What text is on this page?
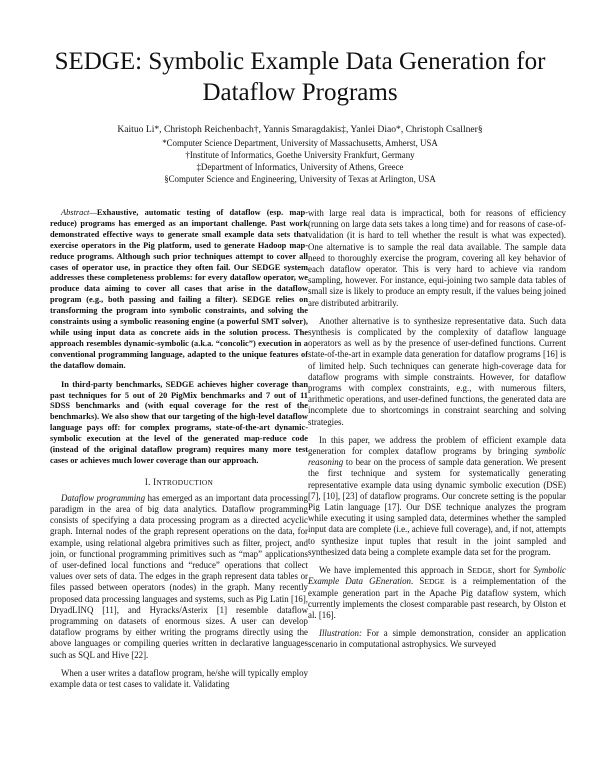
SEDGE: Symbolic Example Data Generation for Dataflow Programs
Kaituo Li*, Christoph Reichenbach†, Yannis Smaragdakis‡, Yanlei Diao*, Christoph Csallner§
*Computer Science Department, University of Massachusetts, Amherst, USA
†Institute of Informatics, Goethe University Frankfurt, Germany
‡Department of Informatics, University of Athens, Greece
§Computer Science and Engineering, University of Texas at Arlington, USA

Abstract—Exhaustive, automatic testing of dataflow (esp. map-reduce) programs has emerged as an important challenge. Past work demonstrated effective ways to generate small example data sets that exercise operators in the Pig platform, used to generate Hadoop map-reduce programs. Although such prior techniques attempt to cover all cases of operator use, in practice they often fail. Our SEDGE system addresses these completeness problems: for every dataflow operator, we produce data aiming to cover all cases that arise in the dataflow program (e.g., both passing and failing a filter). SEDGE relies on transforming the program into symbolic constraints, and solving the constraints using a symbolic reasoning engine (a powerful SMT solver), while using input data as concrete aids in the solution process. The approach resembles dynamic-symbolic (a.k.a. “concolic”) execution in a conventional programming language, adapted to the unique features of the dataflow domain.

In third-party benchmarks, SEDGE achieves higher coverage than past techniques for 5 out of 20 PigMix benchmarks and 7 out of 11 SDSS benchmarks and (with equal coverage for the rest of the benchmarks). We also show that our targeting of the high-level dataflow language pays off: for complex programs, state-of-the-art dynamic-symbolic execution at the level of the generated map-reduce code (instead of the original dataflow program) requires many more test cases or achieves much lower coverage than our approach.

I. INTRODUCTION

Dataflow programming has emerged as an important data processing paradigm in the area of big data analytics. Dataflow programming consists of specifying a data processing program as a directed acyclic graph. Internal nodes of the graph represent operations on the data, for example, using relational algebra primitives such as filter, project, and join, or functional programming primitives such as “map” applications of user-defined local functions and “reduce” operations that collect values over sets of data. The edges in the graph represent data tables or files passed between operators (nodes) in the graph. Many recently proposed data processing languages and systems, such as Pig Latin [16], DryadLINQ [11], and Hyracks/Asterix [1] resemble dataflow programming on datasets of enormous sizes. A user can develop dataflow programs by either writing the programs directly using the above languages or compiling queries written in declarative languages such as SQL and Hive [22].

When a user writes a dataflow program, he/she will typically employ example data or test cases to validate it. Validating

with large real data is impractical, both for reasons of efficiency (running on large data sets takes a long time) and for reasons of case-of-validation (it is hard to tell whether the result is what was expected). One alternative is to sample the real data available. The sample data need to thoroughly exercise the program, covering all key behavior of each dataflow operator. This is very hard to achieve via random sampling, however. For instance, equi-joining two sample data tables of small size is likely to produce an empty result, if the values being joined are distributed arbitrarily.

Another alternative is to synthesize representative data. Such data synthesis is complicated by the complexity of dataflow language operators as well as by the presence of user-defined functions. Current state-of-the-art in example data generation for dataflow programs [16] is of limited help. Such techniques can generate high-coverage data for dataflow programs with simple constraints. However, for dataflow programs with complex constraints, e.g., with numerous filters, arithmetic operations, and user-defined functions, the generated data are incomplete due to shortcomings in constraint searching and solving strategies.

In this paper, we address the problem of efficient example data generation for complex dataflow programs by bringing symbolic reasoning to bear on the process of sample data generation. We present the first technique and system for systematically generating representative example data using dynamic symbolic execution (DSE) [7], [10], [23] of dataflow programs. Our concrete setting is the popular Pig Latin language [17]. Our DSE technique analyzes the program while executing it using sampled data, determines whether the sampled input data are complete (i.e., achieve full coverage), and, if not, attempts to synthesize input tuples that result in the joint sampled and synthesized data being a complete example data set for the program.

We have implemented this approach in SEDGE, short for Symbolic Example Data GEneration. SEDGE is a reimplementation of the example generation part in the Apache Pig dataflow system, which currently implements the closest comparable past research, by Olston et al. [16].

Illustration: For a simple demonstration, consider an application scenario in computational astrophysics. We surveyed
